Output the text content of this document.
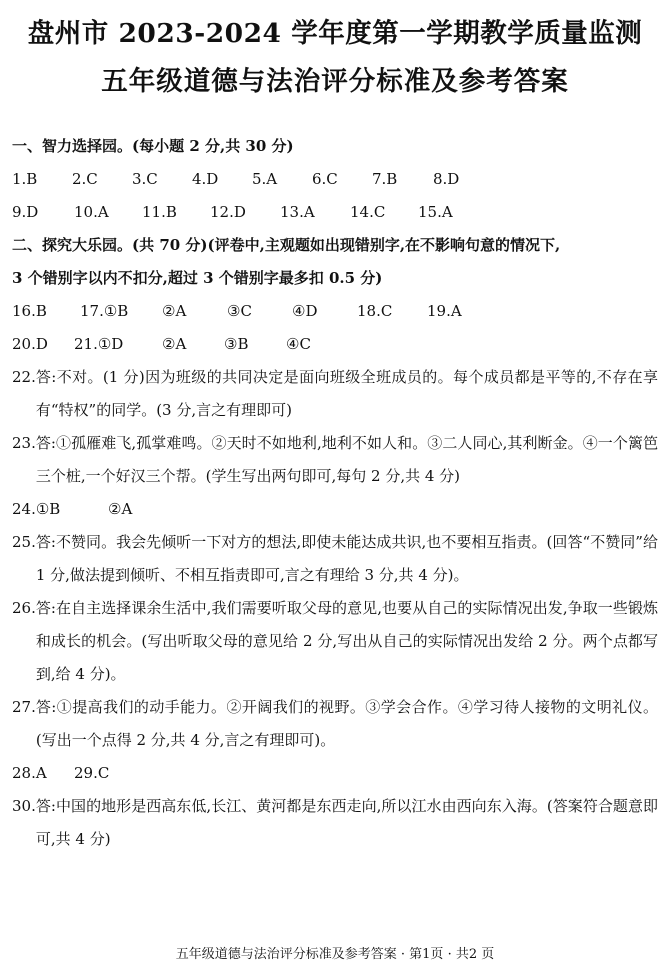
盘州市 2023-2024 学年度第一学期教学质量监测
五年级道德与法治评分标准及参考答案
一、智力选择园。(每小题 2 分,共 30 分)
1.B 2.C 3.C 4.D 5.A 6.C 7.B 8.D
9.D 10.A 11.B 12.D 13.A 14.C 15.A
二、探究大乐园。(共 70 分)(评卷中,主观题如出现错别字,在不影响句意的情况下,
3 个错别字以内不扣分,超过 3 个错别字最多扣 0.5 分)
16.B 17.①B ②A	③C	④D	18.C 19.A
20.D 21.①D	②A	③B	④C
22. 答:不对。(1 分)因为班级的共同决定是面向班级全班成员的。每个成员都是平等的,不存在享有“特权”的同学。(3 分,言之有理即可)
23. 答:①孤雁难飞,孤掌难鸣。②天时不如地利,地利不如人和。③二人同心,其利断金。④一个篱笆三个桩,一个好汉三个帮。(学生写出两句即可,每句 2 分,共 4 分)
24.①B	②A
25. 答:不赞同。我会先倾听一下对方的想法,即使未能达成共识,也不要相互指责。(回答“不赞同”给 1 分,做法提到倾听、不相互指责即可,言之有理给 3 分,共 4 分)。
26. 答:在自主选择课余生活中,我们需要听取父母的意见,也要从自己的实际情况出发,争取一些锻炼和成长的机会。(写出听取父母的意见给 2 分,写出从自己的实际情况出发给 2 分。两个点都写到,给 4 分)。
27. 答:①提高我们的动手能力。②开阔我们的视野。③学会合作。④学习待人接物的文明礼仪。(写出一个点得 2 分,共 4 分,言之有理即可)。
28.A 29.C
30. 答:中国的地形是西高东低,长江、黄河都是东西走向,所以江水由西向东入海。(答案符合题意即可,共 4 分)
五年级道德与法治评分标准及参考答案 · 第1页 · 共2 页
